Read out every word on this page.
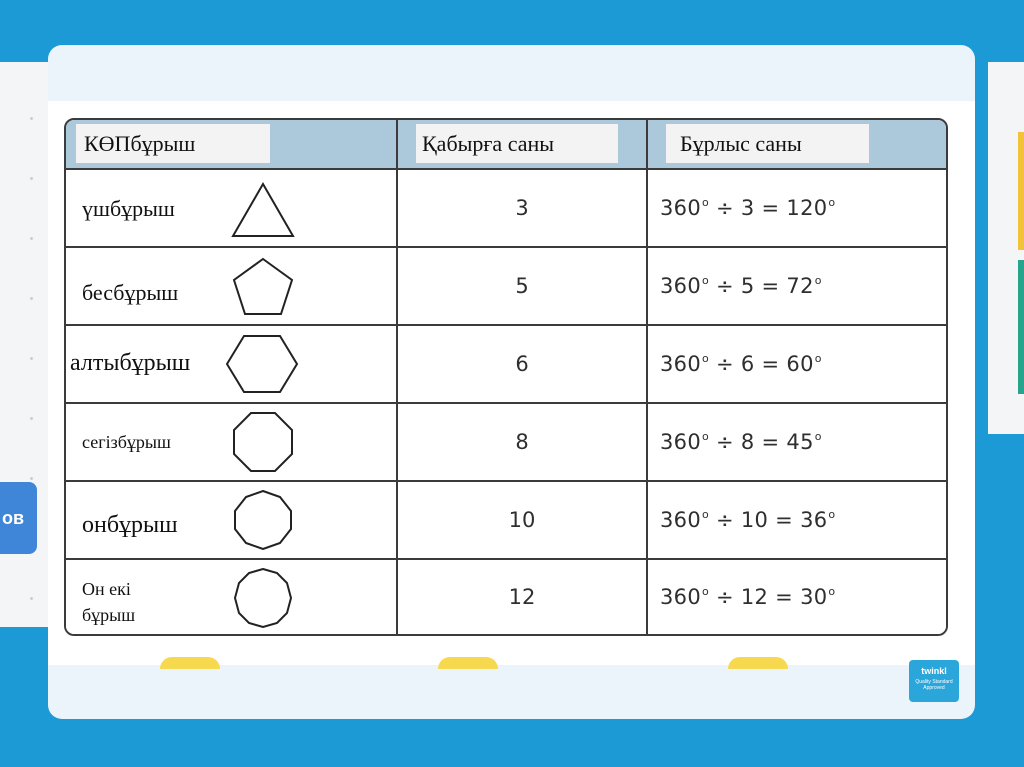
ов
КӨПбұрыш	Қабырға саны	Бұрлыс саны

үшбұрыш	3	$360^о \div 3 = 120^о$

бесбұрыш	5	$360^о \div 5 = 72^о$

алтыбұрыш	6	$360^о \div 6 = 60^о$

сегізбұрыш	8	$360^о \div 8 = 45^о$

онбұрыш	10	$360^о \div 10 = 36^о$

Он екі
бұрыш	12	$360^о \div 12 = 30^о$
twinkl
Quality Standard Approved
